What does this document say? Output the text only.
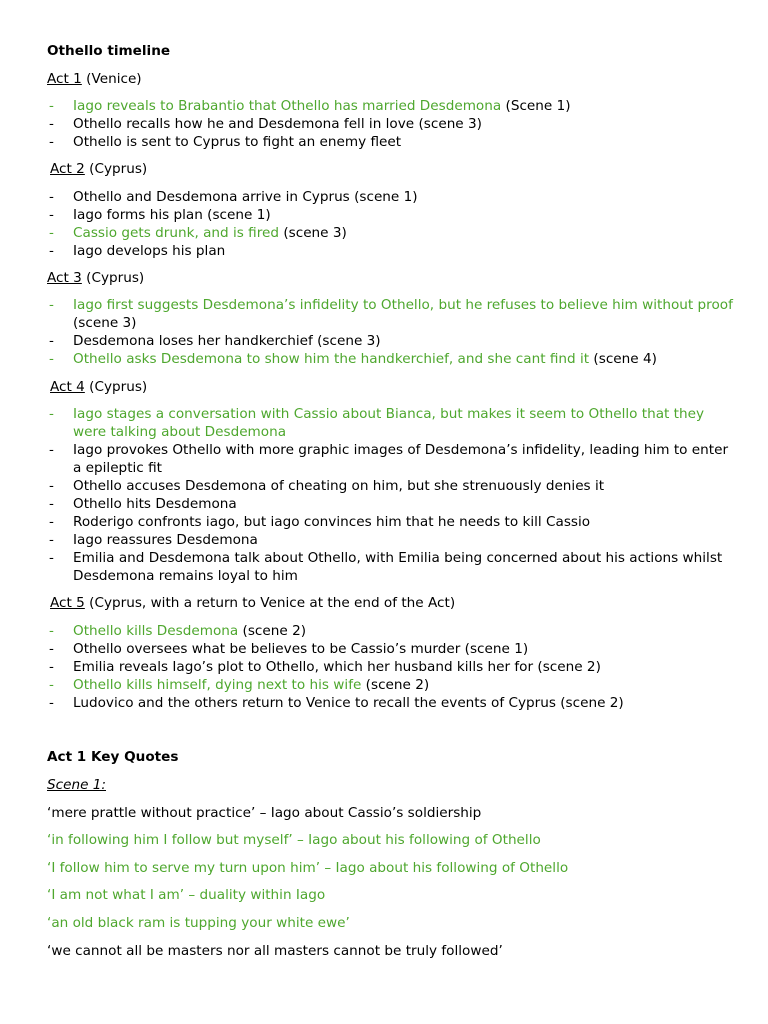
Othello timeline
Act 1 (Venice)
- Iago reveals to Brabantio that Othello has married Desdemona (Scene 1)
- Othello recalls how he and Desdemona fell in love (scene 3)
- Othello is sent to Cyprus to fight an enemy fleet
Act 2 (Cyprus)
- Othello and Desdemona arrive in Cyprus (scene 1)
- Iago forms his plan (scene 1)
- Cassio gets drunk, and is fired (scene 3)
- Iago develops his plan
Act 3 (Cyprus)
- Iago first suggests Desdemona’s infidelity to Othello, but he refuses to believe him without proof (scene 3)
- Desdemona loses her handkerchief (scene 3)
- Othello asks Desdemona to show him the handkerchief, and she cant find it (scene 4)
Act 4 (Cyprus)
- Iago stages a conversation with Cassio about Bianca, but makes it seem to Othello that they were talking about Desdemona
- Iago provokes Othello with more graphic images of Desdemona’s infidelity, leading him to enter a epileptic fit
- Othello accuses Desdemona of cheating on him, but she strenuously denies it
- Othello hits Desdemona
- Roderigo confronts iago, but iago convinces him that he needs to kill Cassio
- Iago reassures Desdemona
- Emilia and Desdemona talk about Othello, with Emilia being concerned about his actions whilst Desdemona remains loyal to him
Act 5 (Cyprus, with a return to Venice at the end of the Act)
- Othello kills Desdemona (scene 2)
- Othello oversees what be believes to be Cassio’s murder (scene 1)
- Emilia reveals Iago’s plot to Othello, which her husband kills her for (scene 2)
- Othello kills himself, dying next to his wife (scene 2)
- Ludovico and the others return to Venice to recall the events of Cyprus (scene 2)
Act 1 Key Quotes
Scene 1:
‘mere prattle without practice’ – Iago about Cassio’s soldiership
‘in following him I follow but myself’ – Iago about his following of Othello
‘I follow him to serve my turn upon him’ – Iago about his following of Othello
‘I am not what I am’ – duality within Iago
‘an old black ram is tupping your white ewe’
‘we cannot all be masters nor all masters cannot be truly followed’
